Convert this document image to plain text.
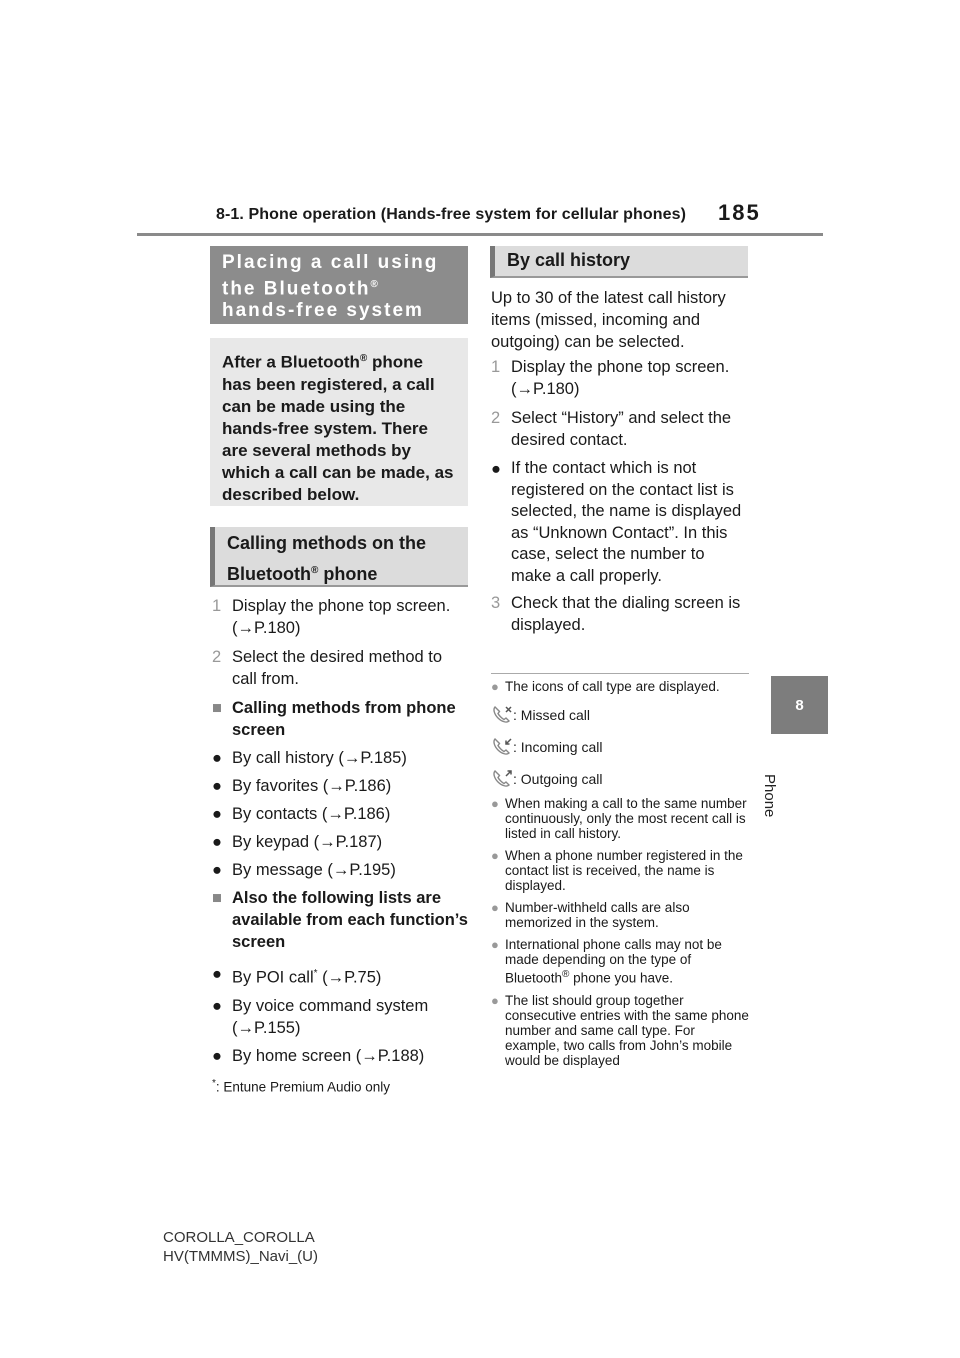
8-1. Phone operation (Hands-free system for cellular phones) 185
8
Phone
Placing a call using
the Bluetooth®
hands-free system
After a Bluetooth® phone has been registered, a call can be made using the hands-free system. There are several methods by which a call can be made, as described below.
Calling methods on the
Bluetooth® phone
1 Display the phone top screen. (→P.180)
2 Select the desired method to call from.
■ Calling methods from phone screen
● By call history (→P.185)
● By favorites (→P.186)
● By contacts (→P.186)
● By keypad (→P.187)
● By message (→P.195)
■ Also the following lists are available from each function’s screen
● By POI call* (→P.75)
● By voice command system (→P.155)
● By home screen (→P.188)
*: Entune Premium Audio only
By call history
Up to 30 of the latest call history items (missed, incoming and outgoing) can be selected.
1 Display the phone top screen. (→P.180)
2 Select “History” and select the desired contact.
● If the contact which is not registered on the contact list is selected, the name is displayed as “Unknown Contact”. In this case, select the number to make a call properly.
3 Check that the dialing screen is displayed.
● The icons of call type are displayed.
: Missed call
: Incoming call
: Outgoing call
● When making a call to the same number continuously, only the most recent call is listed in call history.
● When a phone number registered in the contact list is received, the name is displayed.
● Number-withheld calls are also memorized in the system.
● International phone calls may not be made depending on the type of Bluetooth® phone you have.
● The list should group together consecutive entries with the same phone number and same call type. For example, two calls from John’s mobile would be displayed
COROLLA_COROLLA
HV(TMMMS)_Navi_(U)
